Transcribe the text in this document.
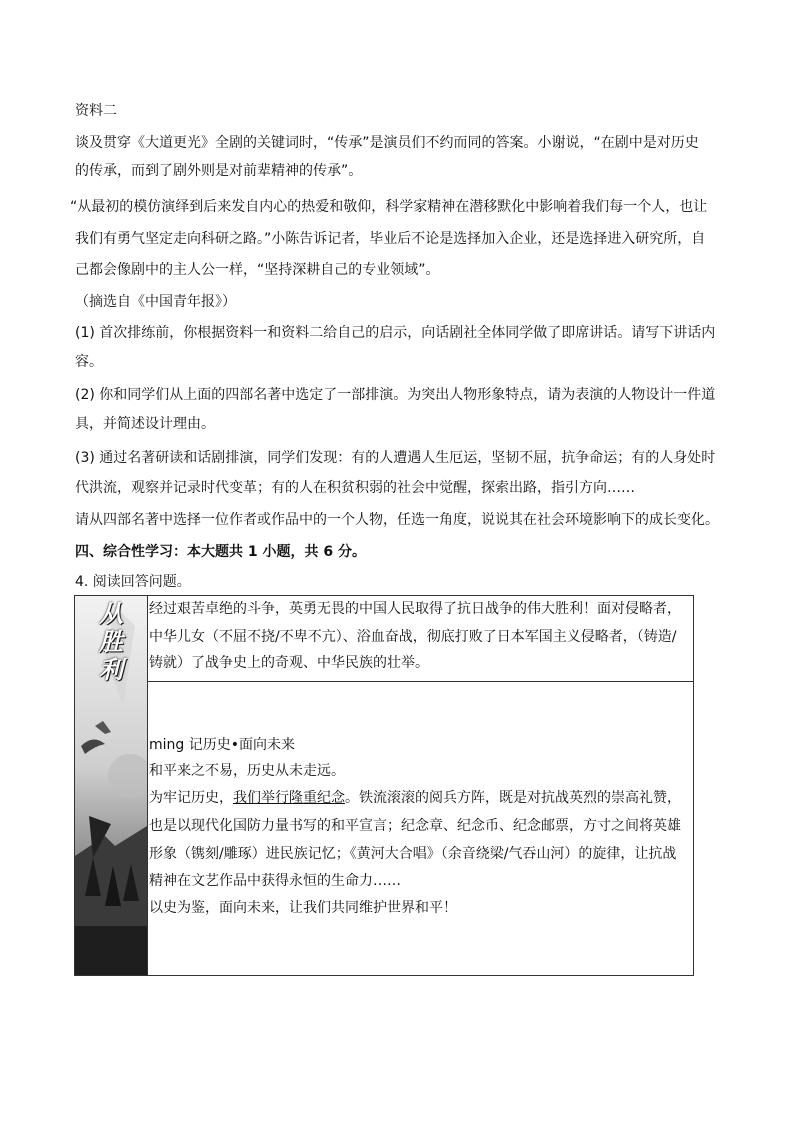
资料二
谈及贯穿《大道更光》全剧的关键词时，“传承”是演员们不约而同的答案。小谢说，“在剧中是对历史
的传承，而到了剧外则是对前辈精神的传承”。
“从最初的模仿演绎到后来发自内心的热爱和敬仰，科学家精神在潜移默化中影响着我们每一个人，也让
我们有勇气坚定走向科研之路。”小陈告诉记者，毕业后不论是选择加入企业，还是选择进入研究所，自
己都会像剧中的主人公一样，“坚持深耕自己的专业领域”。
（摘选自《中国青年报》）
(1) 首次排练前，你根据资料一和资料二给自己的启示，向话剧社全体同学做了即席讲话。请写下讲话内
容。
(2) 你和同学们从上面的四部名著中选定了一部排演。为突出人物形象特点，请为表演的人物设计一件道
具，并简述设计理由。
(3) 通过名著研读和话剧排演，同学们发现：有的人遭遇人生厄运，坚韧不屈，抗争命运；有的人身处时
代洪流，观察并记录时代变革；有的人在积贫积弱的社会中觉醒，探索出路，指引方向……
请从四部名著中选择一位作者或作品中的一个人物，任选一角度，说说其在社会环境影响下的成长变化。
四、综合性学习：本大题共 1 小题，共 6 分。
4. 阅读回答问题。
从
胜
利
经过艰苦卓绝的斗争，英勇无畏的中国人民取得了抗日战争的伟大胜利！面对侵略者，
中华儿女（不屈不挠/不卑不亢）、浴血奋战，彻底打败了日本军国主义侵略者，（铸造/
铸就）了战争史上的奇观、中华民族的壮举。
ming 记历史•面向未来
和平来之不易，历史从未走远。
为牢记历史，我们举行隆重纪念。铁流滚滚的阅兵方阵，既是对抗战英烈的崇高礼赞，
也是以现代化国防力量书写的和平宣言；纪念章、纪念币、纪念邮票，方寸之间将英雄
形象（镌刻/雕琢）进民族记忆；《黄河大合唱》（余音绕梁/气吞山河）的旋律，让抗战
精神在文艺作品中获得永恒的生命力……
以史为鉴，面向未来，让我们共同维护世界和平！
